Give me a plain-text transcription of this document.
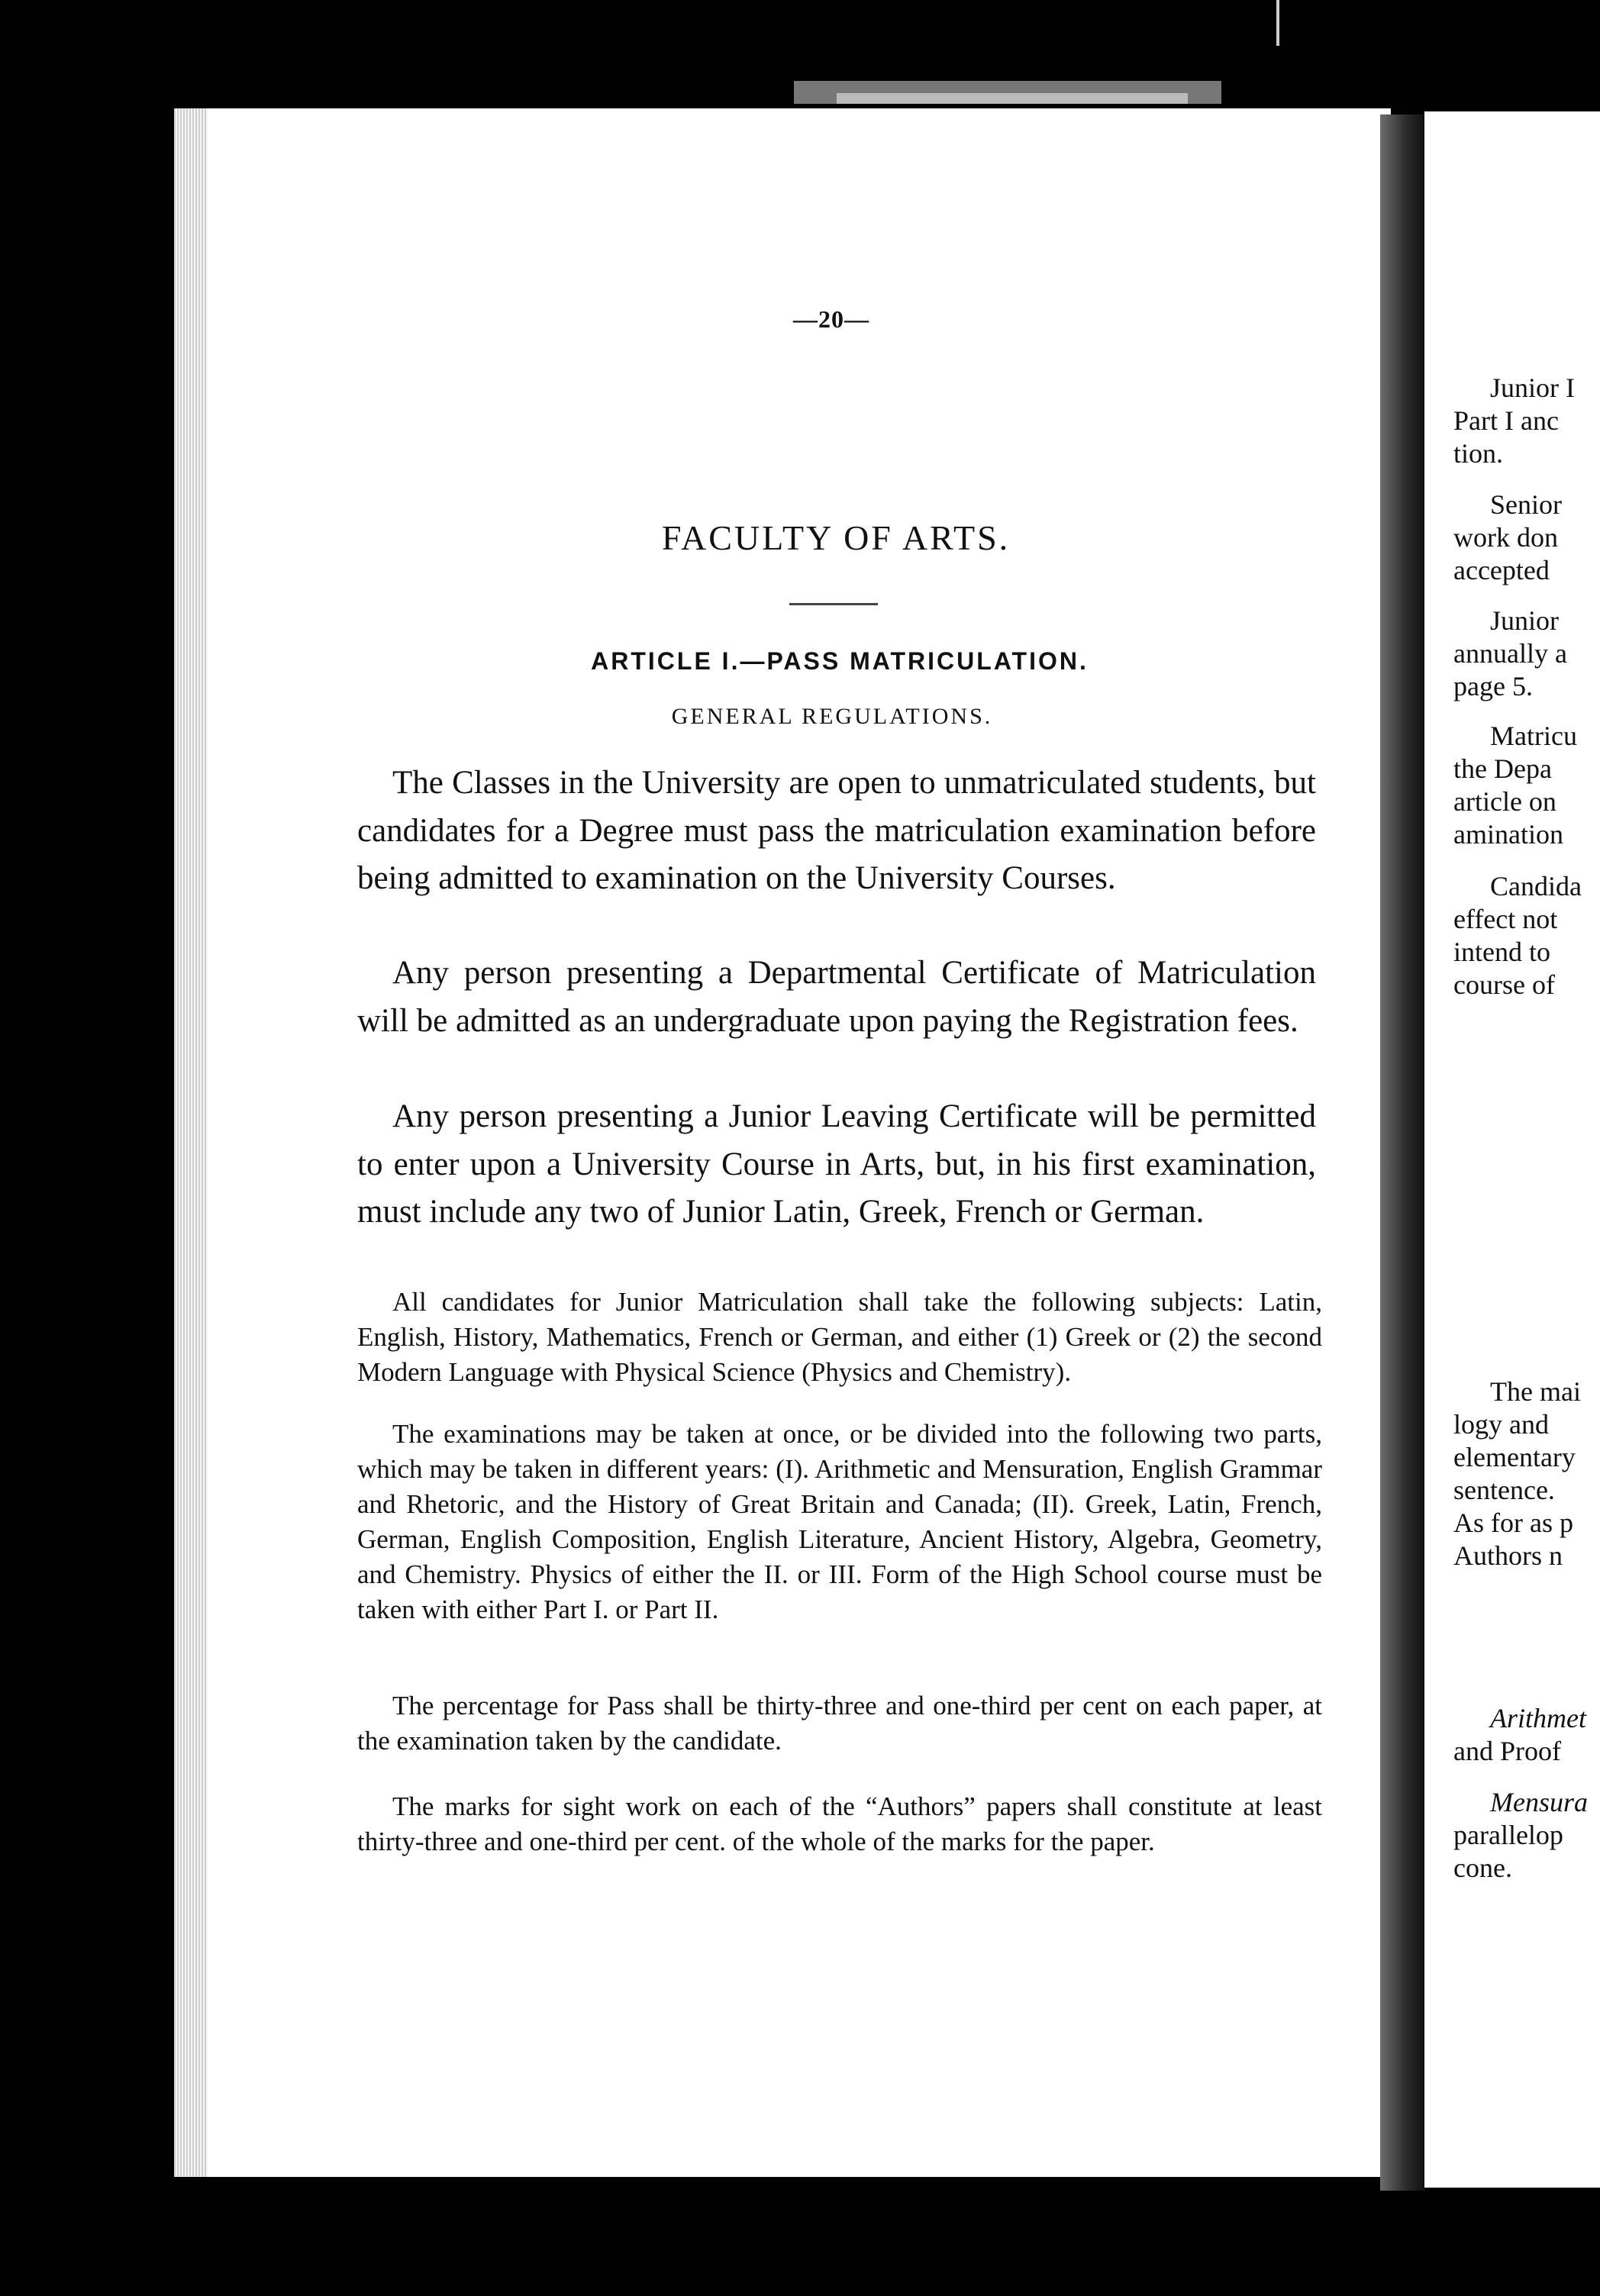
—20—
FACULTY OF ARTS.
ARTICLE I.—PASS MATRICULATION.
GENERAL REGULATIONS.

The Classes in the University are open to unmatriculated students, but candidates for a Degree must pass the matriculation examination before being admitted to examination on the University Courses.

Any person presenting a Departmental Certificate of Matriculation will be admitted as an undergraduate upon paying the Registration fees.

Any person presenting a Junior Leaving Certificate will be permitted to enter upon a University Course in Arts, but, in his first examination, must include any two of Junior Latin, Greek, French or German.

All candidates for Junior Matriculation shall take the following subjects: Latin, English, History, Mathematics, French or German, and either (1) Greek or (2) the second Modern Language with Physical Science (Physics and Chemistry).

The examinations may be taken at once, or be divided into the following two parts, which may be taken in different years: (I). Arithmetic and Mensuration, English Grammar and Rhetoric, and the History of Great Britain and Canada; (II). Greek, Latin, French, German, English Composition, English Literature, Ancient History, Algebra, Geometry, and Chemistry. Physics of either the II. or III. Form of the High School course must be taken with either Part I. or Part II.

The percentage for Pass shall be thirty-three and one-third per cent on each paper, at the examination taken by the candidate.

The marks for sight work on each of the “Authors” papers shall constitute at least thirty-three and one-third per cent. of the whole of the marks for the paper.

Junior I
Part I anc
tion.
Senior
work don
accepted
Junior
annually a
page 5.
Matricu
the Depa
article on
amination
Candida
effect not
intend to
course of
The mai
logy and
elementary
sentence.
As for as p
Authors n
Arithmet
and Proof
Mensura
parallelop
cone.
